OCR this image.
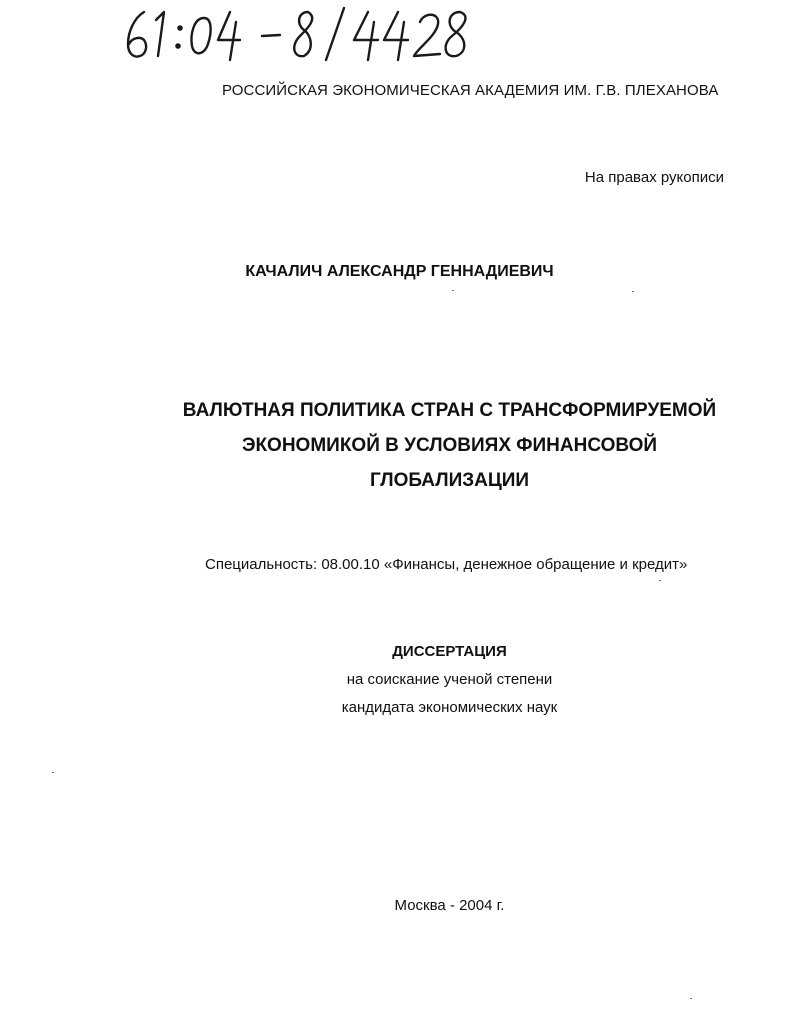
РОССИЙСКАЯ ЭКОНОМИЧЕСКАЯ АКАДЕМИЯ ИМ. Г.В. ПЛЕХАНОВА
На правах рукописи
КАЧАЛИЧ АЛЕКСАНДР ГЕННАДИЕВИЧ
ВАЛЮТНАЯ ПОЛИТИКА СТРАН С ТРАНСФОРМИРУЕМОЙ
ЭКОНОМИКОЙ В УСЛОВИЯХ ФИНАНСОВОЙ
ГЛОБАЛИЗАЦИИ
Специальность: 08.00.10 «Финансы, денежное обращение и кредит»
ДИССЕРТАЦИЯ
на соискание ученой степени
кандидата экономических наук
Москва - 2004 г.
